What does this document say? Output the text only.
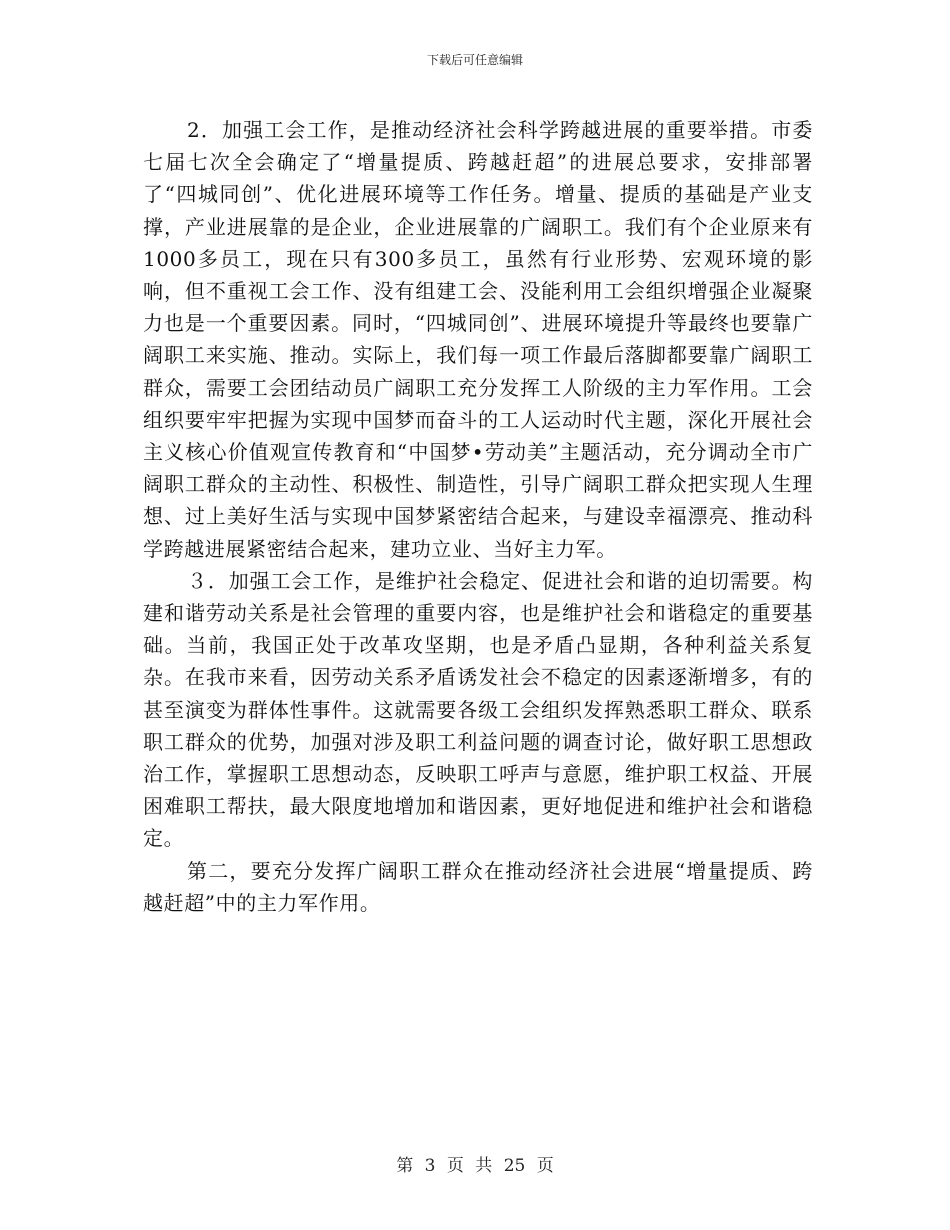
下载后可任意编辑

2．加强工会工作，是推动经济社会科学跨越进展的重要举措。市委七届七次全会确定了“增量提质、跨越赶超”的进展总要求，安排部署了“四城同创”、优化进展环境等工作任务。增量、提质的基础是产业支撑，产业进展靠的是企业，企业进展靠的广阔职工。我们有个企业原来有1000多员工，现在只有300多员工，虽然有行业形势、宏观环境的影响，但不重视工会工作、没有组建工会、没能利用工会组织增强企业凝聚力也是一个重要因素。同时，“四城同创”、进展环境提升等最终也要靠广阔职工来实施、推动。实际上，我们每一项工作最后落脚都要靠广阔职工群众，需要工会团结动员广阔职工充分发挥工人阶级的主力军作用。工会组织要牢牢把握为实现中国梦而奋斗的工人运动时代主题，深化开展社会主义核心价值观宣传教育和“中国梦•劳动美”主题活动，充分调动全市广阔职工群众的主动性、积极性、制造性，引导广阔职工群众把实现人生理想、过上美好生活与实现中国梦紧密结合起来，与建设幸福漂亮、推动科学跨越进展紧密结合起来，建功立业、当好主力军。

３．加强工会工作，是维护社会稳定、促进社会和谐的迫切需要。构建和谐劳动关系是社会管理的重要内容，也是维护社会和谐稳定的重要基础。当前，我国正处于改革攻坚期，也是矛盾凸显期，各种利益关系复杂。在我市来看，因劳动关系矛盾诱发社会不稳定的因素逐渐增多，有的甚至演变为群体性事件。这就需要各级工会组织发挥熟悉职工群众、联系职工群众的优势，加强对涉及职工利益问题的调查讨论，做好职工思想政治工作，掌握职工思想动态，反映职工呼声与意愿，维护职工权益、开展困难职工帮扶，最大限度地增加和谐因素，更好地促进和维护社会和谐稳定。

第二，要充分发挥广阔职工群众在推动经济社会进展“增量提质、跨越赶超”中的主力军作用。

第 3 页 共 25 页
